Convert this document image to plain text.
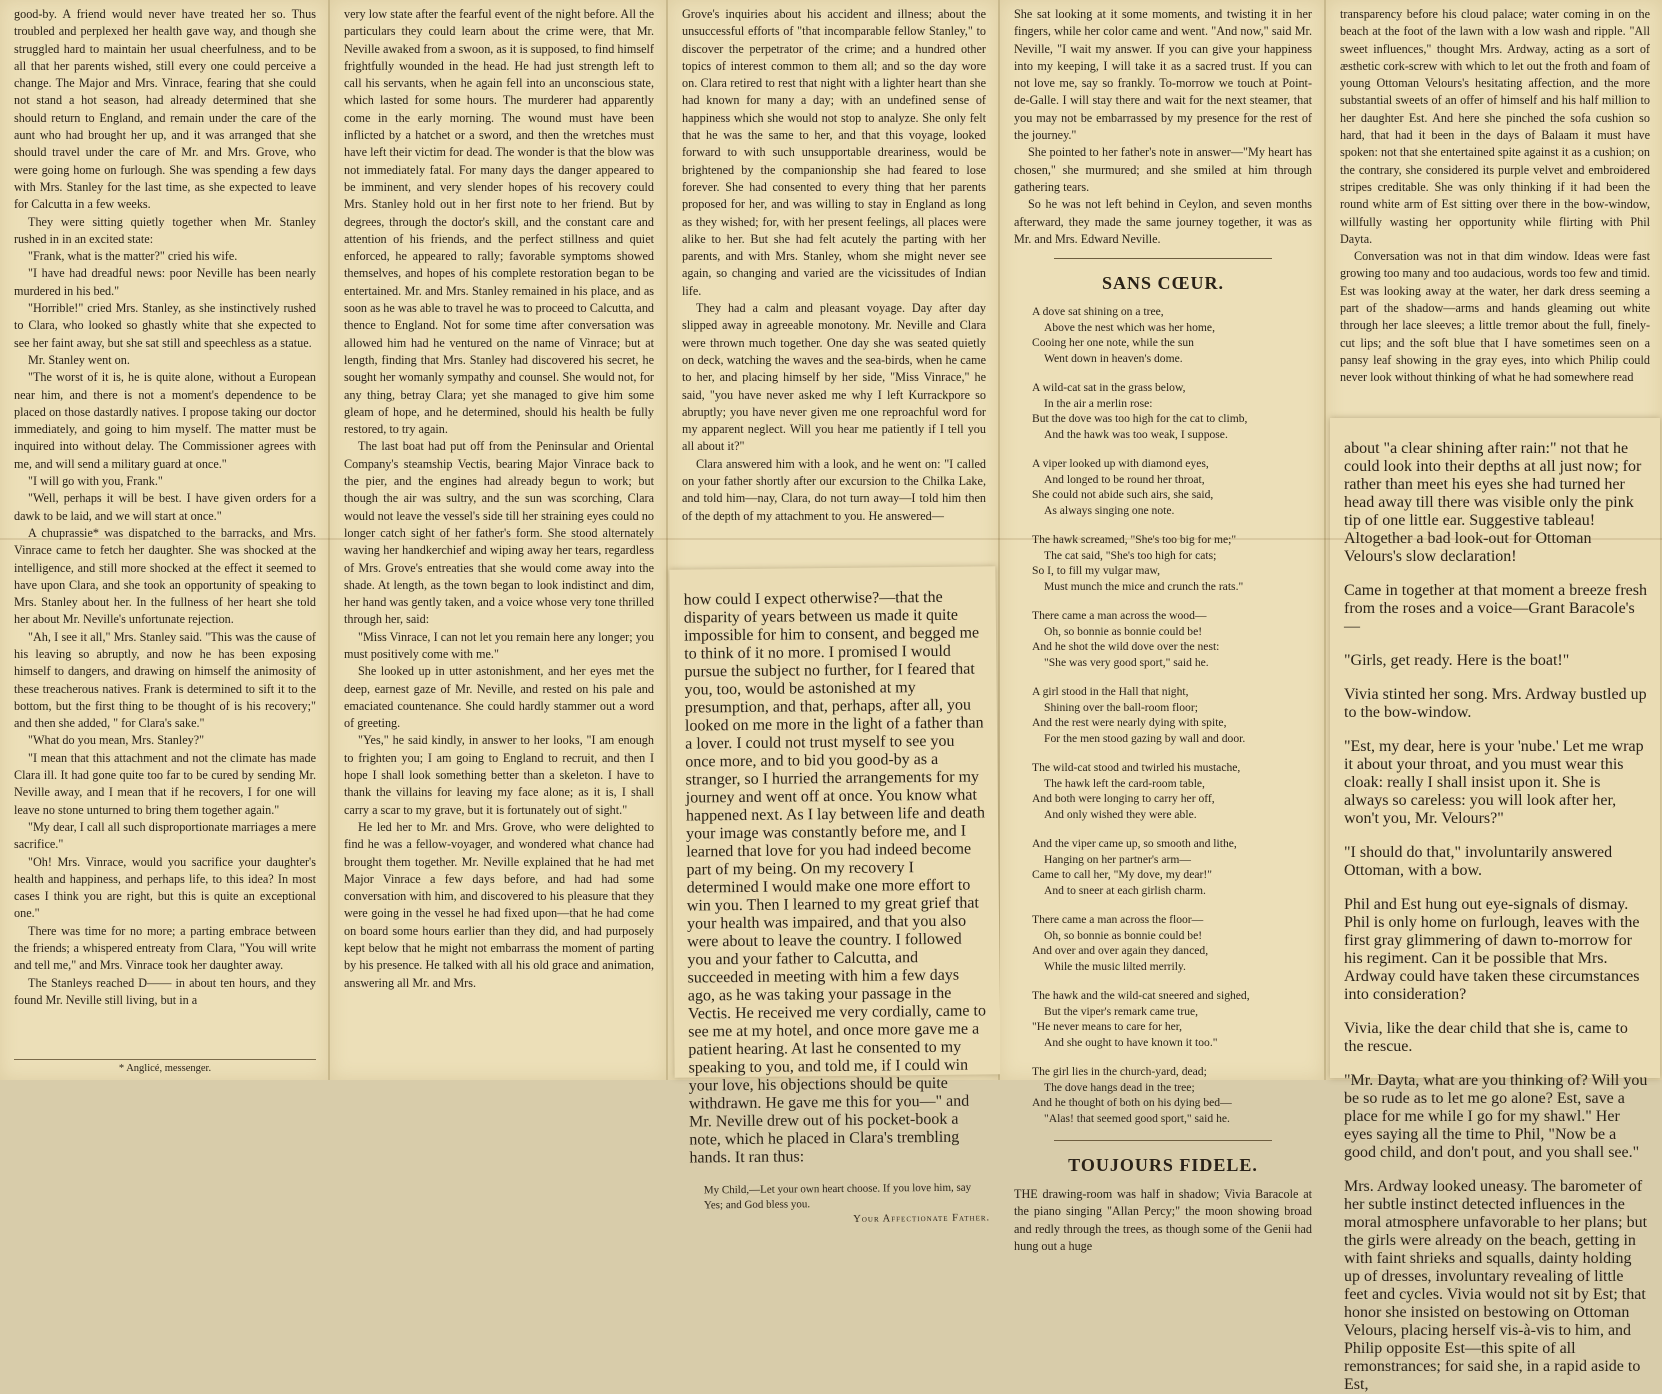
good-by. A friend would never have treated her so. Thus troubled and perplexed her health gave way, and though she struggled hard to maintain her usual cheerfulness, and to be all that her parents wished, still every one could perceive a change. The Major and Mrs. Vinrace, fearing that she could not stand a hot season, had already determined that she should return to England, and remain under the care of the aunt who had brought her up, and it was arranged that she should travel under the care of Mr. and Mrs. Grove, who were going home on furlough. She was spending a few days with Mrs. Stanley for the last time, as she expected to leave for Calcutta in a few weeks.

They were sitting quietly together when Mr. Stanley rushed in in an excited state:

"Frank, what is the matter?" cried his wife.

"I have had dreadful news: poor Neville has been nearly murdered in his bed."

"Horrible!" cried Mrs. Stanley, as she instinctively rushed to Clara, who looked so ghastly white that she expected to see her faint away, but she sat still and speechless as a statue.

Mr. Stanley went on.

"The worst of it is, he is quite alone, without a European near him, and there is not a moment's dependence to be placed on those dastardly natives. I propose taking our doctor immediately, and going to him myself. The matter must be inquired into without delay. The Commissioner agrees with me, and will send a military guard at once."

"I will go with you, Frank."

"Well, perhaps it will be best. I have given orders for a dawk to be laid, and we will start at once."

A chuprassie* was dispatched to the barracks, and Mrs. Vinrace came to fetch her daughter. She was shocked at the intelligence, and still more shocked at the effect it seemed to have upon Clara, and she took an opportunity of speaking to Mrs. Stanley about her. In the fullness of her heart she told her about Mr. Neville's unfortunate rejection.

"Ah, I see it all," Mrs. Stanley said. "This was the cause of his leaving so abruptly, and now he has been exposing himself to dangers, and drawing on himself the animosity of these treacherous natives. Frank is determined to sift it to the bottom, but the first thing to be thought of is his recovery;" and then she added, " for Clara's sake."

"What do you mean, Mrs. Stanley?"

"I mean that this attachment and not the climate has made Clara ill. It had gone quite too far to be cured by sending Mr. Neville away, and I mean that if he recovers, I for one will leave no stone unturned to bring them together again."

"My dear, I call all such disproportionate marriages a mere sacrifice."

"Oh! Mrs. Vinrace, would you sacrifice your daughter's health and happiness, and perhaps life, to this idea? In most cases I think you are right, but this is quite an exceptional one."

There was time for no more; a parting embrace between the friends; a whispered entreaty from Clara, "You will write and tell me," and Mrs. Vinrace took her daughter away.

The Stanleys reached D—— in about ten hours, and they found Mr. Neville still living, but in a

* Anglicé, messenger.

very low state after the fearful event of the night before. All the particulars they could learn about the crime were, that Mr. Neville awaked from a swoon, as it is supposed, to find himself frightfully wounded in the head. He had just strength left to call his servants, when he again fell into an unconscious state, which lasted for some hours. The murderer had apparently come in the early morning. The wound must have been inflicted by a hatchet or a sword, and then the wretches must have left their victim for dead. The wonder is that the blow was not immediately fatal. For many days the danger appeared to be imminent, and very slender hopes of his recovery could Mrs. Stanley hold out in her first note to her friend. But by degrees, through the doctor's skill, and the constant care and attention of his friends, and the perfect stillness and quiet enforced, he appeared to rally; favorable symptoms showed themselves, and hopes of his complete restoration began to be entertained. Mr. and Mrs. Stanley remained in his place, and as soon as he was able to travel he was to proceed to Calcutta, and thence to England. Not for some time after conversation was allowed him had he ventured on the name of Vinrace; but at length, finding that Mrs. Stanley had discovered his secret, he sought her womanly sympathy and counsel. She would not, for any thing, betray Clara; yet she managed to give him some gleam of hope, and he determined, should his health be fully restored, to try again.

The last boat had put off from the Peninsular and Oriental Company's steamship Vectis, bearing Major Vinrace back to the pier, and the engines had already begun to work; but though the air was sultry, and the sun was scorching, Clara would not leave the vessel's side till her straining eyes could no longer catch sight of her father's form. She stood alternately waving her handkerchief and wiping away her tears, regardless of Mrs. Grove's entreaties that she would come away into the shade. At length, as the town began to look indistinct and dim, her hand was gently taken, and a voice whose very tone thrilled through her, said:

"Miss Vinrace, I can not let you remain here any longer; you must positively come with me."

She looked up in utter astonishment, and her eyes met the deep, earnest gaze of Mr. Neville, and rested on his pale and emaciated countenance. She could hardly stammer out a word of greeting.

"Yes," he said kindly, in answer to her looks, "I am enough to frighten you; I am going to England to recruit, and then I hope I shall look something better than a skeleton. I have to thank the villains for leaving my face alone; as it is, I shall carry a scar to my grave, but it is fortunately out of sight."

He led her to Mr. and Mrs. Grove, who were delighted to find he was a fellow-voyager, and wondered what chance had brought them together. Mr. Neville explained that he had met Major Vinrace a few days before, and had had some conversation with him, and discovered to his pleasure that they were going in the vessel he had fixed upon—that he had come on board some hours earlier than they did, and had purposely kept below that he might not embarrass the moment of parting by his presence. He talked with all his old grace and animation, answering all Mr. and Mrs.

Grove's inquiries about his accident and illness; about the unsuccessful efforts of "that incomparable fellow Stanley," to discover the perpetrator of the crime; and a hundred other topics of interest common to them all; and so the day wore on. Clara retired to rest that night with a lighter heart than she had known for many a day; with an undefined sense of happiness which she would not stop to analyze. She only felt that he was the same to her, and that this voyage, looked forward to with such unsupportable dreariness, would be brightened by the companionship she had feared to lose forever. She had consented to every thing that her parents proposed for her, and was willing to stay in England as long as they wished; for, with her present feelings, all places were alike to her. But she had felt acutely the parting with her parents, and with Mrs. Stanley, whom she might never see again, so changing and varied are the vicissitudes of Indian life.

They had a calm and pleasant voyage. Day after day slipped away in agreeable monotony. Mr. Neville and Clara were thrown much together. One day she was seated quietly on deck, watching the waves and the sea-birds, when he came to her, and placing himself by her side, "Miss Vinrace," he said, "you have never asked me why I left Kurrackpore so abruptly; you have never given me one reproachful word for my apparent neglect. Will you hear me patiently if I tell you all about it?"

Clara answered him with a look, and he went on: "I called on your father shortly after our excursion to the Chilka Lake, and told him—nay, Clara, do not turn away—I told him then of the depth of my attachment to you. He answered—

how could I expect otherwise?—that the disparity of years between us made it quite impossible for him to consent, and begged me to think of it no more. I promised I would pursue the subject no further, for I feared that you, too, would be astonished at my presumption, and that, perhaps, after all, you looked on me more in the light of a father than a lover. I could not trust myself to see you once more, and to bid you good-by as a stranger, so I hurried the arrangements for my journey and went off at once. You know what happened next. As I lay between life and death your image was constantly before me, and I learned that love for you had indeed become part of my being. On my recovery I determined I would make one more effort to win you. Then I learned to my great grief that your health was impaired, and that you also were about to leave the country. I followed you and your father to Calcutta, and succeeded in meeting with him a few days ago, as he was taking your passage in the Vectis. He received me very cordially, came to see me at my hotel, and once more gave me a patient hearing. At last he consented to my speaking to you, and told me, if I could win your love, his objections should be quite withdrawn. He gave me this for you—" and Mr. Neville drew out of his pocket-book a note, which he placed in Clara's trembling hands. It ran thus:

My Child,—Let your own heart choose. If you love him, say Yes; and God bless you.
Your Affectionate Father.

She sat looking at it some moments, and twisting it in her fingers, while her color came and went. "And now," said Mr. Neville, "I wait my answer. If you can give your happiness into my keeping, I will take it as a sacred trust. If you can not love me, say so frankly. To-morrow we touch at Point-de-Galle. I will stay there and wait for the next steamer, that you may not be embarrassed by my presence for the rest of the journey."

She pointed to her father's note in answer—"My heart has chosen," she murmured; and she smiled at him through gathering tears.

So he was not left behind in Ceylon, and seven months afterward, they made the same journey together, it was as Mr. and Mrs. Edward Neville.

SANS CŒUR.
A dove sat shining on a tree,
Above the nest which was her home,
Cooing her one note, while the sun
Went down in heaven's dome.
A wild-cat sat in the grass below,
In the air a merlin rose:
But the dove was too high for the cat to climb,
And the hawk was too weak, I suppose.
A viper looked up with diamond eyes,
And longed to be round her throat,
She could not abide such airs, she said,
As always singing one note.
The hawk screamed, "She's too big for me;"
The cat said, "She's too high for cats;
So I, to fill my vulgar maw,
Must munch the mice and crunch the rats."
There came a man across the wood—
Oh, so bonnie as bonnie could be!
And he shot the wild dove over the nest:
"She was very good sport," said he.
A girl stood in the Hall that night,
Shining over the ball-room floor;
And the rest were nearly dying with spite,
For the men stood gazing by wall and door.
The wild-cat stood and twirled his mustache,
The hawk left the card-room table,
And both were longing to carry her off,
And only wished they were able.
And the viper came up, so smooth and lithe,
Hanging on her partner's arm—
Came to call her, "My dove, my dear!"
And to sneer at each girlish charm.
There came a man across the floor—
Oh, so bonnie as bonnie could be!
And over and over again they danced,
While the music lilted merrily.
The hawk and the wild-cat sneered and sighed,
But the viper's remark came true,
"He never means to care for her,
And she ought to have known it too."
The girl lies in the church-yard, dead;
The dove hangs dead in the tree;
And he thought of both on his dying bed—
"Alas! that seemed good sport," said he.
TOUJOURS FIDELE.

THE drawing-room was half in shadow; Vivia Baracole at the piano singing "Allan Percy;" the moon showing broad and redly through the trees, as though some of the Genii had hung out a huge

transparency before his cloud palace; water coming in on the beach at the foot of the lawn with a low wash and ripple. "All sweet influences," thought Mrs. Ardway, acting as a sort of æsthetic cork-screw with which to let out the froth and foam of young Ottoman Velours's hesitating affection, and the more substantial sweets of an offer of himself and his half million to her daughter Est. And here she pinched the sofa cushion so hard, that had it been in the days of Balaam it must have spoken: not that she entertained spite against it as a cushion; on the contrary, she considered its purple velvet and embroidered stripes creditable. She was only thinking if it had been the round white arm of Est sitting over there in the bow-window, willfully wasting her opportunity while flirting with Phil Dayta.

Conversation was not in that dim window. Ideas were fast growing too many and too audacious, words too few and timid. Est was looking away at the water, her dark dress seeming a part of the shadow—arms and hands gleaming out white through her lace sleeves; a little tremor about the full, finely-cut lips; and the soft blue that I have sometimes seen on a pansy leaf showing in the gray eyes, into which Philip could never look without thinking of what he had somewhere read

about "a clear shining after rain:" not that he could look into their depths at all just now; for rather than meet his eyes she had turned her head away till there was visible only the pink tip of one little ear. Suggestive tableau! Altogether a bad look-out for Ottoman Velours's slow declaration!

Came in together at that moment a breeze fresh from the roses and a voice—Grant Baracole's—

"Girls, get ready. Here is the boat!"

Vivia stinted her song. Mrs. Ardway bustled up to the bow-window.

"Est, my dear, here is your 'nube.' Let me wrap it about your throat, and you must wear this cloak: really I shall insist upon it. She is always so careless: you will look after her, won't you, Mr. Velours?"

"I should do that," involuntarily answered Ottoman, with a bow.

Phil and Est hung out eye-signals of dismay. Phil is only home on furlough, leaves with the first gray glimmering of dawn to-morrow for his regiment. Can it be possible that Mrs. Ardway could have taken these circumstances into consideration?

Vivia, like the dear child that she is, came to the rescue.

"Mr. Dayta, what are you thinking of? Will you be so rude as to let me go alone? Est, save a place for me while I go for my shawl." Her eyes saying all the time to Phil, "Now be a good child, and don't pout, and you shall see."

Mrs. Ardway looked uneasy. The barometer of her subtle instinct detected influences in the moral atmosphere unfavorable to her plans; but the girls were already on the beach, getting in with faint shrieks and squalls, dainty holding up of dresses, involuntary revealing of little feet and cycles. Vivia would not sit by Est; that honor she insisted on bestowing on Ottoman Velours, placing herself vis-à-vis to him, and Philip opposite Est—this spite of all remonstrances; for said she, in a rapid aside to Est,
